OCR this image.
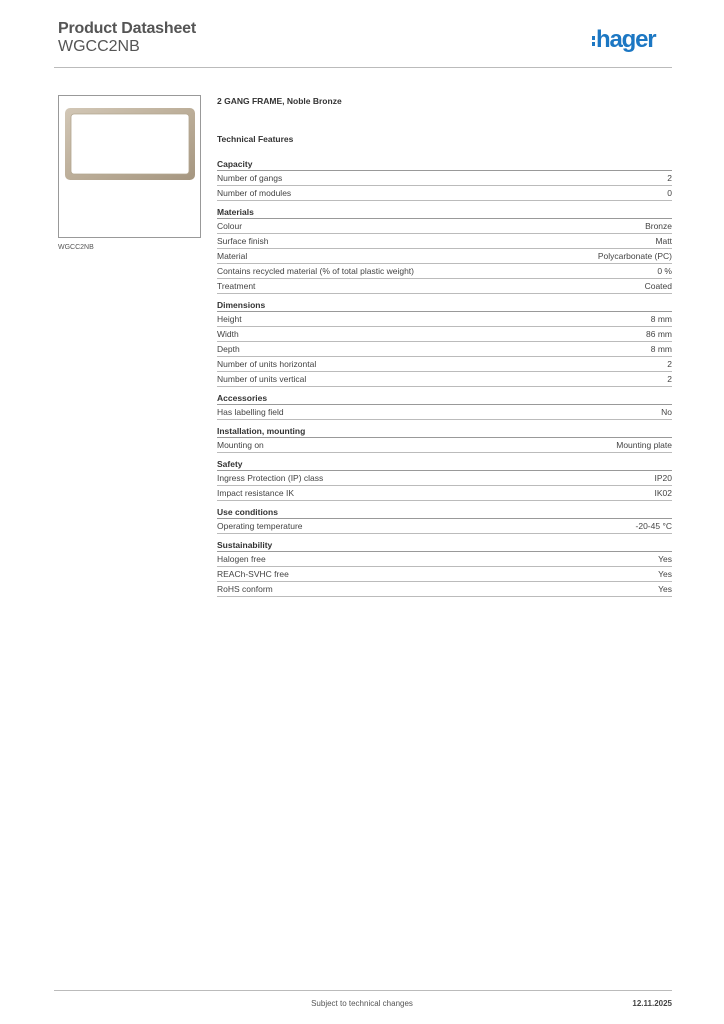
Product Datasheet
WGCC2NB	hager
WGCC2NB
2 GANG FRAME, Noble Bronze
Technical Features
Capacity
Number of gangs	2
Number of modules	0
Materials
Colour	Bronze
Surface finish	Matt
Material	Polycarbonate (PC)
Contains recycled material (% of total plastic weight)	0 %
Treatment	Coated
Dimensions
Height	8 mm
Width	86 mm
Depth	8 mm
Number of units horizontal	2
Number of units vertical	2
Accessories
Has labelling field	No
Installation, mounting
Mounting on	Mounting plate
Safety
Ingress Protection (IP) class	IP20
Impact resistance IK	IK02
Use conditions
Operating temperature	-20-45 °C
Sustainability
Halogen free	Yes
REACh-SVHC free	Yes
RoHS conform	Yes
Subject to technical changes	12.11.2025
